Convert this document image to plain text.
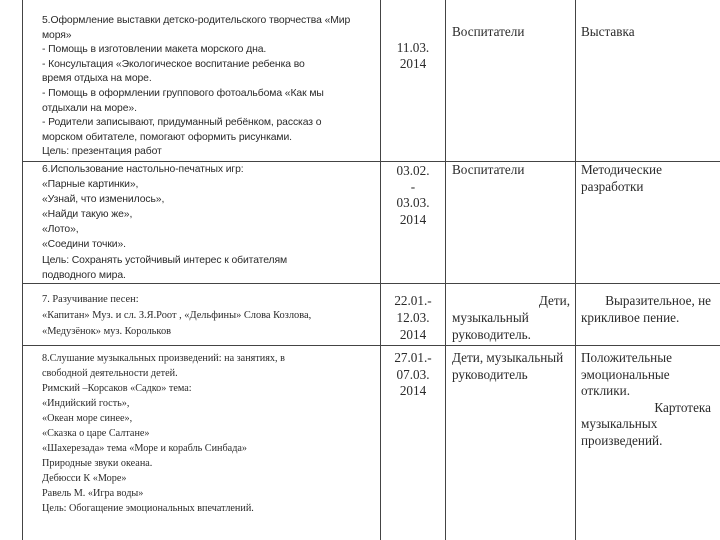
5.Оформление выставки детско-родительского творчества «Мир
моря»
- Помощь в изготовлении макета морского дна.
- Консультация «Экологическое воспитание ребенка во
время отдыха на море.
- Помощь в оформлении группового фотоальбома «Как мы
отдыхали на море».
- Родители записывают, придуманный ребёнком, рассказ о
морском обитателе, помогают оформить рисунками.
Цель: презентация работ
11.03.
2014
Воспитатели	Выставка
6.Использование настольно-печатных игр:
«Парные картинки»,
«Узнай, что изменилось»,
«Найди такую же»,
«Лото»,
«Соедини точки».
Цель: Сохранять устойчивый интерес к обитателям
подводного мира.
03.02.
-
03.03.
2014
Воспитатели	Методические
разработки
7. Разучивание песен:
«Капитан» Муз. и сл. З.Я.Роот , «Дельфины» Слова Козлова,
«Медузёнок» муз. Корольков
22.01.-
12.03.
2014
Дети,
музыкальный
руководитель.
Выразительное, не
крикливое пение.
8.Слушание музыкальных произведений: на занятиях, в
свободной деятельности детей.
Римский –Корсаков «Садко» тема:
«Индийский гость»,
«Океан море синее»,
«Сказка о царе Салтане»
«Шахерезада» тема «Море и корабль Синбада»
Природные звуки океана.
Дебюсси К «Море»
Равель М. «Игра воды»
Цель: Обогащение эмоциональных впечатлений.
27.01.-
07.03.
2014
Дети, музыкальный
руководитель
Положительные
эмоциональные
отклики.
Картотека
музыкальных
произведений.
